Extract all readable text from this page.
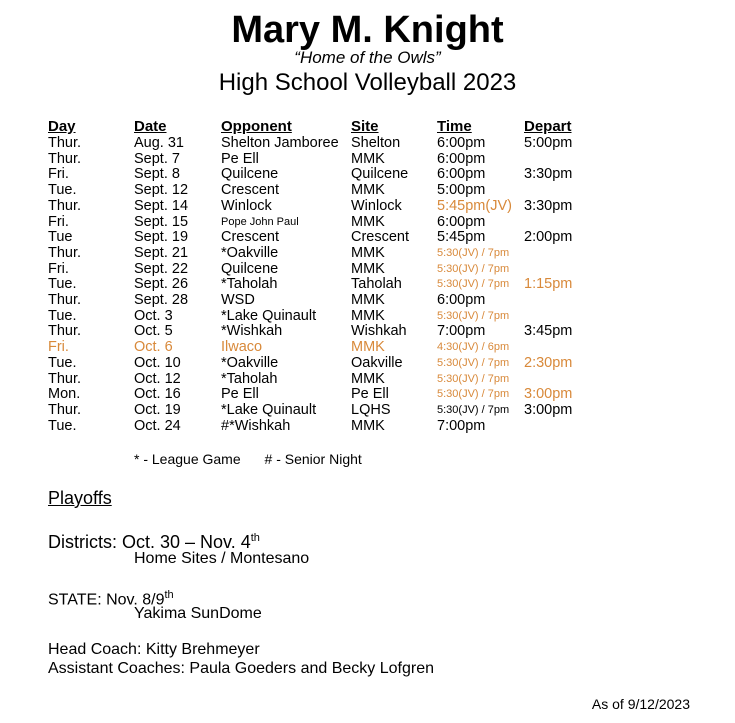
Mary M. Knight
“Home of the Owls”
High School Volleyball 2023
Day	Date	Opponent	Site	Time	Depart
Thur.	Aug. 31	Shelton Jamboree	Shelton	6:00pm	5:00pm
Thur.	Sept. 7	Pe Ell	MMK	6:00pm	
Fri.	Sept. 8	Quilcene	Quilcene	6:00pm	3:30pm
Tue.	Sept. 12	Crescent	MMK	5:00pm	
Thur.	Sept. 14	Winlock	Winlock	5:45pm(JV)	3:30pm
Fri.	Sept. 15	Pope John Paul	MMK	6:00pm	
Tue	Sept. 19	Crescent	Crescent	5:45pm	2:00pm
Thur.	Sept. 21	*Oakville	MMK	5:30(JV) / 7pm	
Fri.	Sept. 22	Quilcene	MMK	5:30(JV) / 7pm	
Tue.	Sept. 26	*Taholah	Taholah	5:30(JV) / 7pm	1:15pm
Thur.	Sept. 28	WSD	MMK	6:00pm	
Tue.	Oct. 3	*Lake Quinault	MMK	5:30(JV) / 7pm	
Thur.	Oct. 5	*Wishkah	Wishkah	7:00pm	3:45pm
Fri.	Oct. 6	Ilwaco	MMK	4:30(JV) / 6pm	
Tue.	Oct. 10	*Oakville	Oakville	5:30(JV) / 7pm	2:30pm
Thur.	Oct. 12	*Taholah	MMK	5:30(JV) / 7pm	
Mon.	Oct. 16	Pe Ell	Pe Ell	5:30(JV) / 7pm	3:00pm
Thur.	Oct. 19	*Lake Quinault	LQHS	5:30(JV) / 7pm	3:00pm
Tue.	Oct. 24	#*Wishkah	MMK	7:00pm	
* - League Game # - Senior Night
Playoffs
Districts: Oct. 30 – Nov. 4th
Home Sites / Montesano
STATE: Nov. 8/9th
Yakima SunDome
Head Coach: Kitty Brehmeyer
Assistant Coaches: Paula Goeders and Becky Lofgren
As of 9/12/2023
